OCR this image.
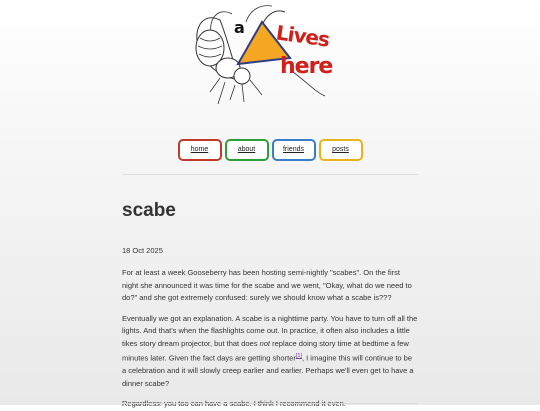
a Lives
here
home	about	friends	posts
scabe
18 Oct 2025

For at least a week Gooseberry has been hosting semi-nightly "scabes". On the first night she announced it was time for the scabe and we went, "Okay, what do we need to do?" and she got extremely confused: surely we should know what a scabe is???

Eventually we got an explanation. A scabe is a nighttime party. You have to turn off all the lights. And that's when the flashlights come out. In practice, it often also includes a little tikes story dream projector, but that does not replace doing story time at bedtime a few minutes later. Given the fact days are getting shorter[1], I imagine this will continue to be a celebration and it will slowly creep earlier and earlier. Perhaps we'll even get to have a dinner scabe?
